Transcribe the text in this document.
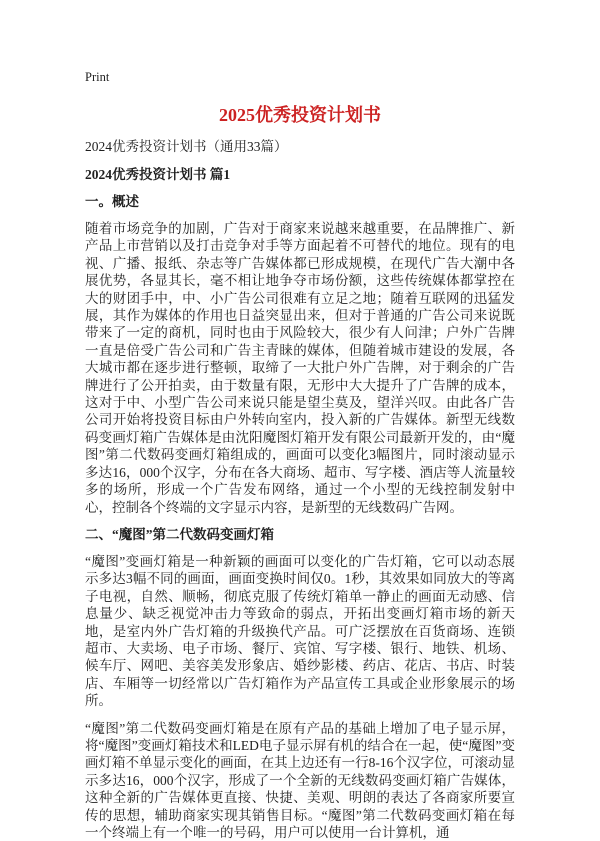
Print
2025优秀投资计划书

2024优秀投资计划书（通用33篇）

2024优秀投资计划书 篇1
一。概述

随着市场竞争的加剧，广告对于商家来说越来越重要，在品牌推广、新产品上市营销以及打击竞争对手等方面起着不可替代的地位。现有的电视、广播、报纸、杂志等广告媒体都已形成规模，在现代广告大潮中各展优势，各显其长，毫不相让地争夺市场份额，这些传统媒体都掌控在大的财团手中，中、小广告公司很难有立足之地；随着互联网的迅猛发展，其作为媒体的作用也日益突显出来，但对于普通的广告公司来说既带来了一定的商机，同时也由于风险较大，很少有人问津；户外广告牌一直是倍受广告公司和广告主青睐的媒体，但随着城市建设的发展，各大城市都在逐步进行整顿，取缔了一大批户外广告牌，对于剩余的广告牌进行了公开拍卖，由于数量有限，无形中大大提升了广告牌的成本，这对于中、小型广告公司来说只能是望尘莫及，望洋兴叹。由此各广告公司开始将投资目标由户外转向室内，投入新的广告媒体。新型无线数码变画灯箱广告媒体是由沈阳魔图灯箱开发有限公司最新开发的，由“魔图”第二代数码变画灯箱组成的，画面可以变化3幅图片，同时滚动显示多达16，000个汉字，分布在各大商场、超市、写字楼、酒店等人流量较多的场所，形成一个广告发布网络，通过一个小型的无线控制发射中心，控制各个终端的文字显示内容，是新型的无线数码广告网。

二、“魔图”第二代数码变画灯箱

“魔图”变画灯箱是一种新颖的画面可以变化的广告灯箱，它可以动态展示多达3幅不同的画面，画面变换时间仅0。1秒，其效果如同放大的等离子电视，自然、顺畅，彻底克服了传统灯箱单一静止的画面无动感、信息量少、缺乏视觉冲击力等致命的弱点，开拓出变画灯箱市场的新天地，是室内外广告灯箱的升级换代产品。可广泛摆放在百货商场、连锁超市、大卖场、电子市场、餐厅、宾馆、写字楼、银行、地铁、机场、候车厅、网吧、美容美发形象店、婚纱影楼、药店、花店、书店、时装店、车厢等一切经常以广告灯箱作为产品宣传工具或企业形象展示的场所。

“魔图”第二代数码变画灯箱是在原有产品的基础上增加了电子显示屏，将“魔图”变画灯箱技术和LED电子显示屏有机的结合在一起，使“魔图”变画灯箱不单显示变化的画面，在其上边还有一行8-16个汉字位，可滚动显示多达16，000个汉字，形成了一个全新的无线数码变画灯箱广告媒体，这种全新的广告媒体更直接、快捷、美观、明朗的表达了各商家所要宣传的思想，辅助商家实现其销售目标。“魔图”第二代数码变画灯箱在每一个终端上有一个唯一的号码，用户可以使用一台计算机，通
